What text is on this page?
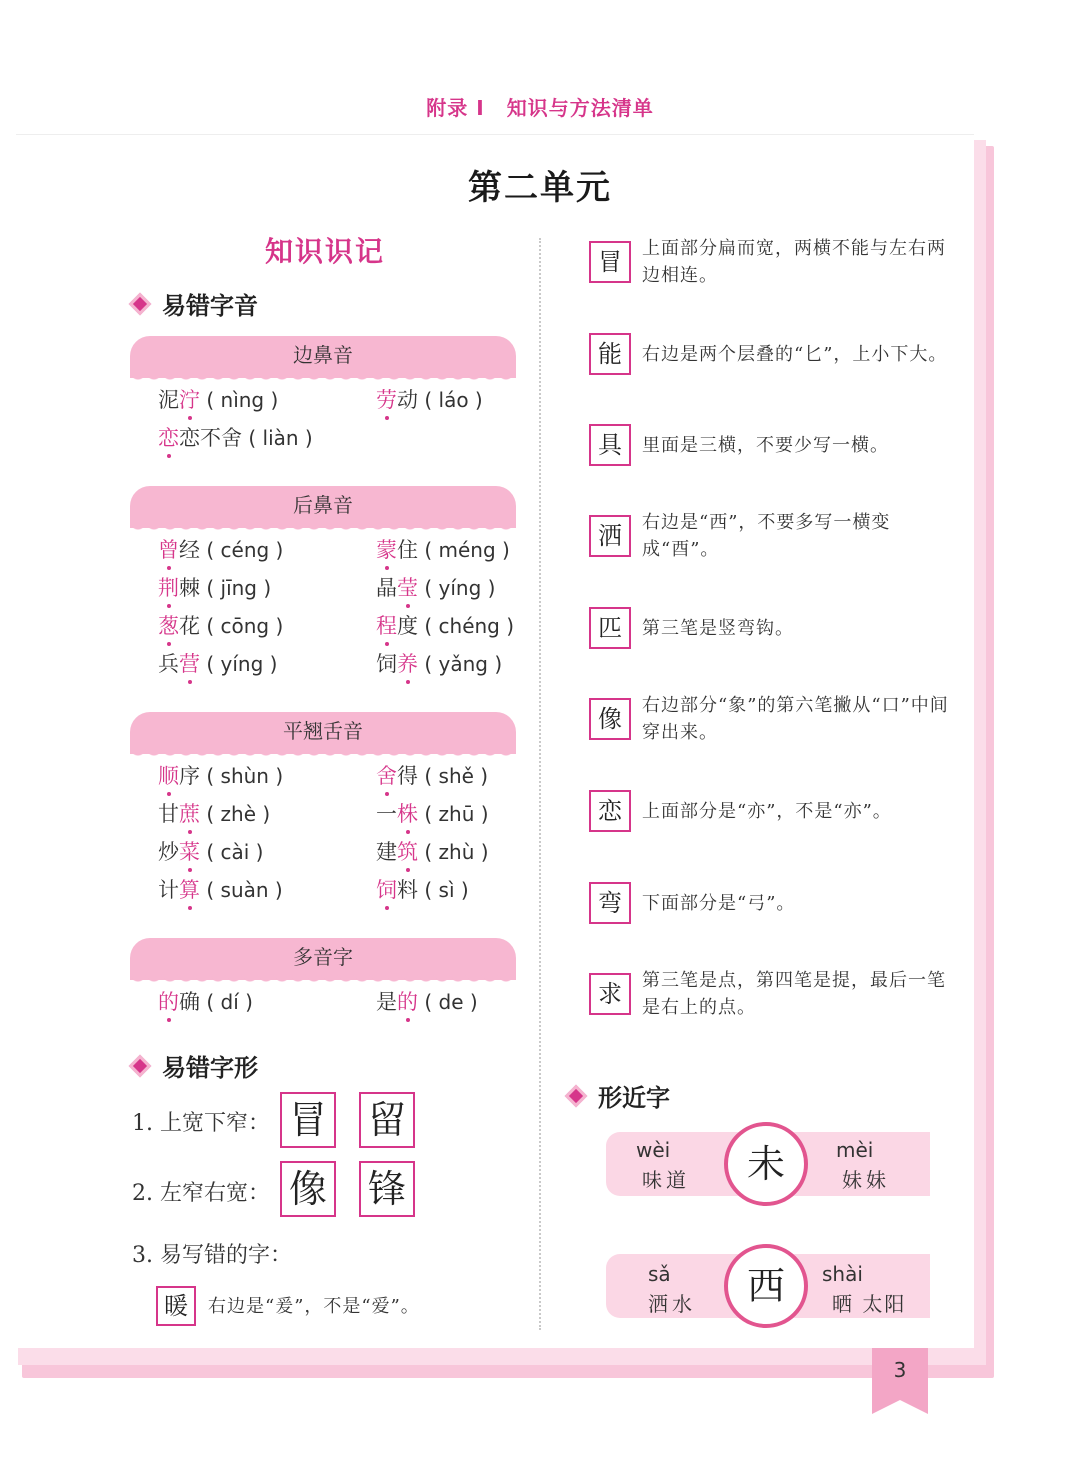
附录 I 知识与方法清单
第二单元
知识识记
易错字音
边鼻音
后鼻音
平翘舌音
多音字
泥泞 ( nìng )	劳动 ( láo )
恋恋不舍 ( liàn )
曾经 ( céng )	蒙住 ( méng )
荆棘 ( jīng )	晶莹 ( yíng )
葱花 ( cōng )	程度 ( chéng )
兵营 ( yíng )	饲养 ( yǎng )
顺序 ( shùn )	舍得 ( shě )
甘蔗 ( zhè )	一株 ( zhū )
炒菜 ( cài )	建筑 ( zhù )
计算 ( suàn )	饲料 ( sì )
的确 ( dí )	是的 ( de )
易错字形
1. 上宽下窄： 冒 留
2. 左窄右宽： 像 锋
3. 易写错的字：
暖	右边是“爰”，不是“爱”。
冒	上面部分扁而宽，两横不能与左右两边相连。
能	右边是两个层叠的“匕”，上小下大。
具	里面是三横，不要少写一横。
洒	右边是“西”，不要多写一横变成“酉”。
匹	第三笔是竖弯钩。
像	右边部分“象”的第六笔撇从“口”中间穿出来。
恋	上面部分是“亦”，不是“亦”。
弯	下面部分是“弓”。
求	第三笔是点，第四笔是提，最后一笔是右上的点。
形近字
未
wèi
味道
mèi
妹妹
西
sǎ
洒水
shài
晒 太阳
3
